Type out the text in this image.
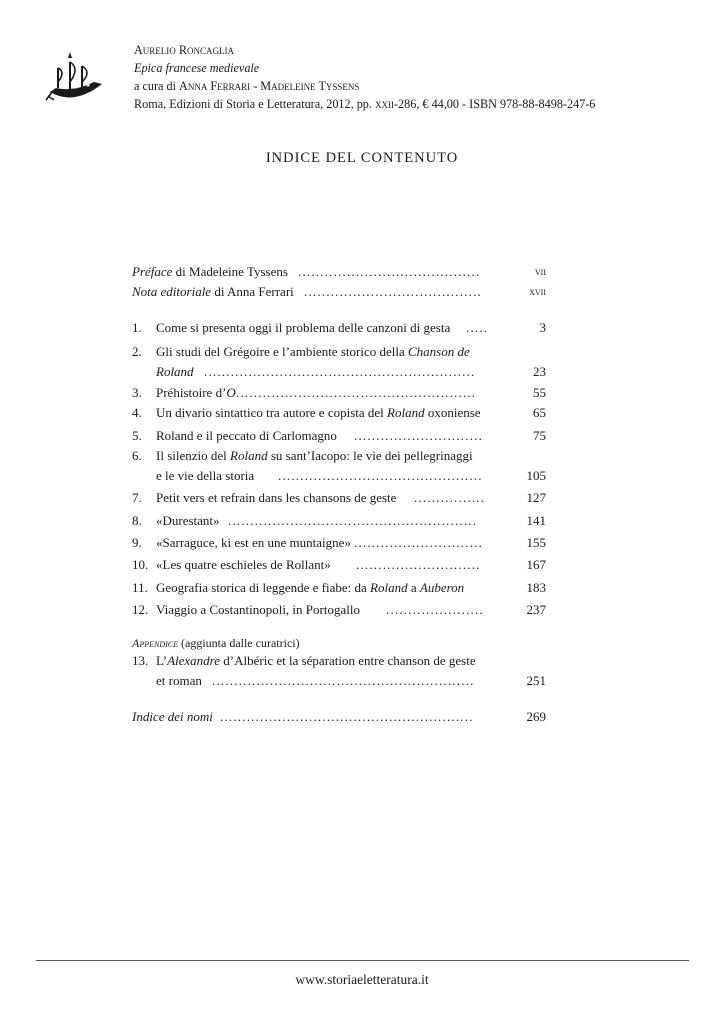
Aurelio Roncaglia
Epica francese medievale
a cura di Anna Ferrari - Madeleine Tyssens
Roma, Edizioni di Storia e Letteratura, 2012, pp. xxii-286, € 44,00 - ISBN 978-88-8498-247-6
INDICE DEL CONTENUTO
Préface di Madeleine Tyssens .........................................	vii
Nota editoriale di Anna Ferrari ........................................	xvii
1. Come si presenta oggi il problema delle canzoni di gesta .....	3
2. Gli studi del Grégoire e l’ambiente storico della Chanson de
Roland .............................................................	23
3. Préhistoire d’O ......................................................	55
4. Un divario sintattico tra autore e copista del Roland oxoniense	65
5. Roland e il peccato di Carlomagno .............................	75
6. Il silenzio del Roland su sant’Iacopo: le vie dei pellegrinaggi
e le vie della storia ..............................................	105
7. Petit vers et refrain dans les chansons de geste ................	127
8. «Durestant» ........................................................	141
9. «Sarraguce, ki est en une muntaigne» .............................	155
10. «Les quatre eschieles de Rollant» ............................	167
11. Geografia storica di leggende e fiabe: da Roland a Auberon	183
12. Viaggio a Costantinopoli, in Portogallo ......................	237
Appendice (aggiunta dalle curatrici)
13. L’Alexandre d’Albéric et la séparation entre chanson de geste
et roman ...........................................................	251
Indice dei nomi .........................................................	269
www.storiaeletteratura.it
